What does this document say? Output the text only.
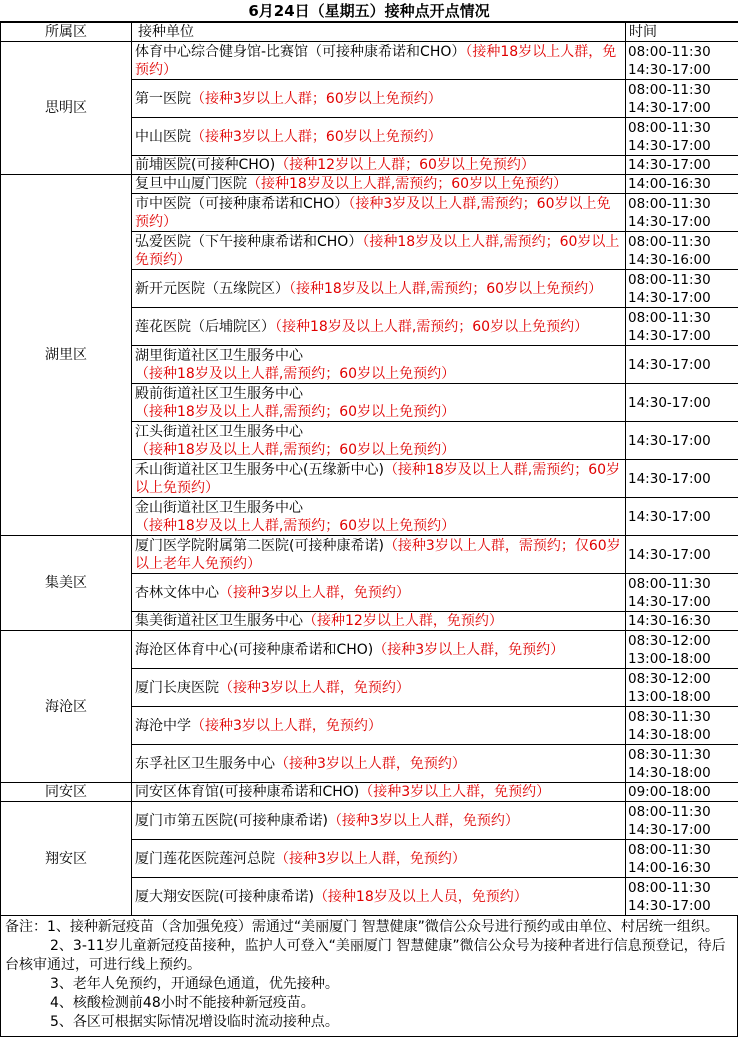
6月24日（星期五）接种点开点情况
所属区	接种单位	时间
思明区	体育中心综合健身馆-比赛馆（可接种康希诺和CHO）（接种18岁以上人群，免预约）	08:00-11:30
14:30-17:00

	第一医院（接种3岁以上人群；60岁以上免预约）	08:00-11:30
14:30-17:00

	中山医院（接种3岁以上人群；60岁以上免预约）	08:00-11:30
14:30-17:00

	前埔医院(可接种CHO)（接种12岁以上人群；60岁以上免预约）	14:30-17:00

湖里区	复旦中山厦门医院（接种18岁及以上人群,需预约；60岁以上免预约）	14:00-16:30

	市中医院（可接种康希诺和CHO）（接种3岁及以上人群,需预约；60岁以上免预约）	08:00-11:30
14:30-17:00

	弘爱医院（下午接种康希诺和CHO）（接种18岁及以上人群,需预约；60岁以上免预约）	08:00-11:30
14:30-16:00

	新开元医院（五缘院区）（接种18岁及以上人群,需预约；60岁以上免预约）	08:00-11:30
14:30-17:00

	莲花医院（后埔院区）（接种18岁及以上人群,需预约；60岁以上免预约）	08:00-11:30
14:30-17:00

	湖里街道社区卫生服务中心（接种18岁及以上人群,需预约；60岁以上免预约）	14:30-17:00

	殿前街道社区卫生服务中心（接种18岁及以上人群,需预约；60岁以上免预约）	14:30-17:00

	江头街道社区卫生服务中心（接种18岁及以上人群,需预约；60岁以上免预约）	14:30-17:00

	禾山街道社区卫生服务中心(五缘新中心)（接种18岁及以上人群,需预约；60岁以上免预约）	14:30-17:00

	金山街道社区卫生服务中心（接种18岁及以上人群,需预约；60岁以上免预约）	14:30-17:00

集美区	厦门医学院附属第二医院(可接种康希诺)（接种3岁以上人群，需预约；仅60岁以上老年人免预约）	14:30-17:00

	杏林文体中心（接种3岁以上人群，免预约）	08:00-11:30
14:30-17:00

	集美街道社区卫生服务中心（接种12岁以上人群，免预约）	14:30-16:30

海沧区	海沧区体育中心(可接种康希诺和CHO)（接种3岁以上人群，免预约）	08:30-12:00
13:00-18:00

	厦门长庚医院（接种3岁以上人群，免预约）	08:30-12:00
13:00-18:00

	海沧中学（接种3岁以上人群，免预约）	08:30-11:30
14:30-18:00

	东孚社区卫生服务中心（接种3岁以上人群，免预约）	08:30-11:30
14:30-18:00

同安区	同安区体育馆(可接种康希诺和CHO)（接种3岁以上人群，免预约）	09:00-18:00

翔安区	厦门市第五医院(可接种康希诺)（接种3岁以上人群，免预约）	08:00-11:30
14:30-17:00

	厦门莲花医院莲河总院（接种3岁以上人群，免预约）	08:00-11:30
14:00-16:30

	厦大翔安医院(可接种康希诺)（接种18岁及以上人员，免预约）	08:00-11:30
14:30-17:00
备注：1、接种新冠疫苗（含加强免疫）需通过“美丽厦门 智慧健康”微信公众号进行预约或由单位、村居统一组织。
2、3-11岁儿童新冠疫苗接种，监护人可登入“美丽厦门 智慧健康”微信公众号为接种者进行信息预登记，待后台核审通过，可进行线上预约。
3、老年人免预约，开通绿色通道，优先接种。
4、核酸检测前48小时不能接种新冠疫苗。
5、各区可根据实际情况增设临时流动接种点。
